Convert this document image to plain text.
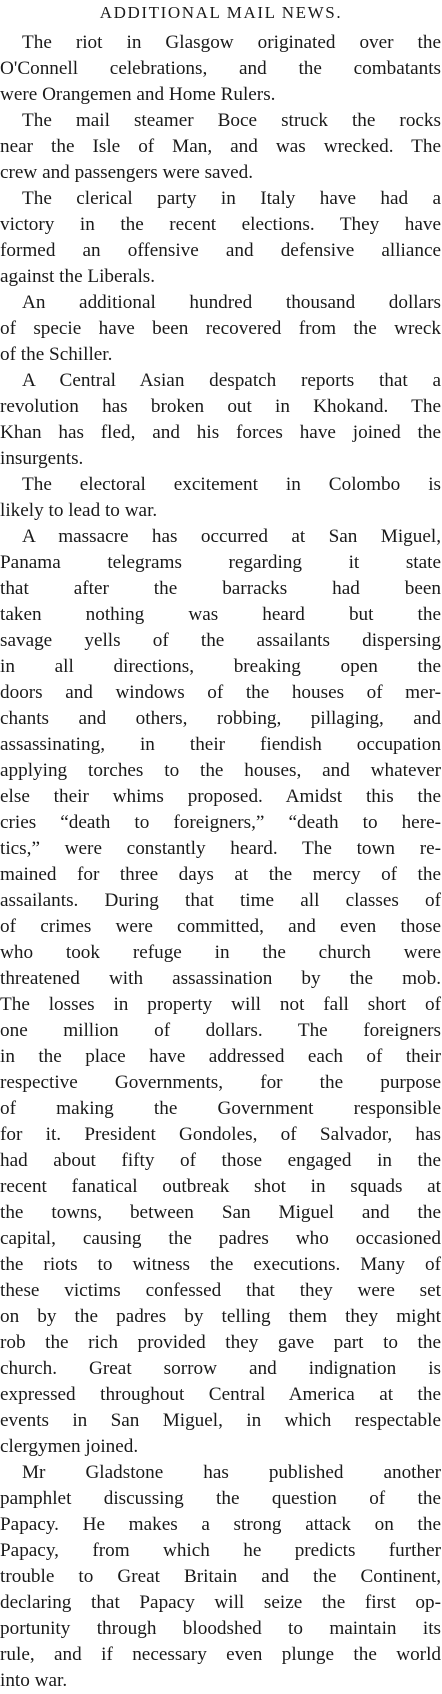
ADDITIONAL MAIL NEWS.
The riot in Glasgow originated over the
O'Connell celebrations, and the combatants
were Orangemen and Home Rulers.
The mail steamer Boce struck the rocks
near the Isle of Man, and was wrecked. The
crew and passengers were saved.
The clerical party in Italy have had a
victory in the recent elections. They have
formed an offensive and defensive alliance
against the Liberals.
An additional hundred thousand dollars
of specie have been recovered from the wreck
of the Schiller.
A Central Asian despatch reports that a
revolution has broken out in Khokand. The
Khan has fled, and his forces have joined the
insurgents.
The electoral excitement in Colombo is
likely to lead to war.
A massacre has occurred at San Miguel,
Panama telegrams regarding it state
that after the barracks had been
taken nothing was heard but the
savage yells of the assailants dispersing
in all directions, breaking open the
doors and windows of the houses of mer-
chants and others, robbing, pillaging, and
assassinating, in their fiendish occupation
applying torches to the houses, and whatever
else their whims proposed. Amidst this the
cries “death to foreigners,” “death to here-
tics,” were constantly heard. The town re-
mained for three days at the mercy of the
assailants. During that time all classes of
of crimes were committed, and even those
who took refuge in the church were
threatened with assassination by the mob.
The losses in property will not fall short of
one million of dollars. The foreigners
in the place have addressed each of their
respective Governments, for the purpose
of making the Government responsible
for it. President Gondoles, of Salvador, has
had about fifty of those engaged in the
recent fanatical outbreak shot in squads at
the towns, between San Miguel and the
capital, causing the padres who occasioned
the riots to witness the executions. Many of
these victims confessed that they were set
on by the padres by telling them they might
rob the rich provided they gave part to the
church. Great sorrow and indignation is
expressed throughout Central America at the
events in San Miguel, in which respectable
clergymen joined.
Mr Gladstone has published another
pamphlet discussing the question of the
Papacy. He makes a strong attack on the
Papacy, from which he predicts further
trouble to Great Britain and the Continent,
declaring that Papacy will seize the first op-
portunity through bloodshed to maintain its
rule, and if necessary even plunge the world
into war.
